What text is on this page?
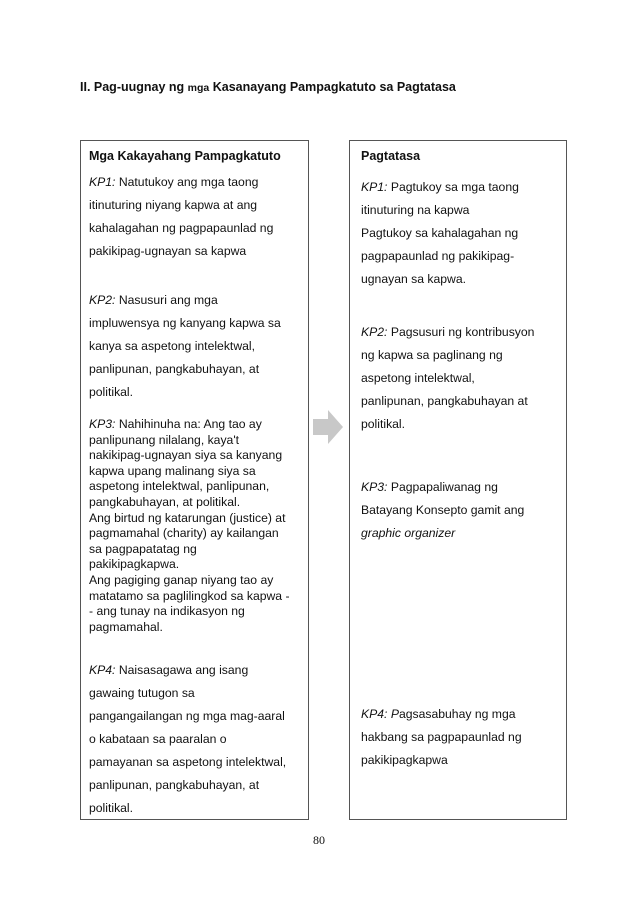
II. Pag-uugnay ng mga Kasanayang Pampagkatuto sa Pagtatasa
Mga Kakayahang Pampagkatuto
KP1: Natutukoy ang mga taong
itinuturing niyang kapwa at ang
kahalagahan ng pagpapaunlad ng
pakikipag-ugnayan sa kapwa
KP2: Nasusuri ang mga
impluwensya ng kanyang kapwa sa
kanya sa aspetong intelektwal,
panlipunan, pangkabuhayan, at
politikal.
KP3: Nahihinuha na: Ang tao ay
panlipunang nilalang, kaya't
nakikipag-ugnayan siya sa kanyang
kapwa upang malinang siya sa
aspetong intelektwal, panlipunan,
pangkabuhayan, at politikal.
Ang birtud ng katarungan (justice) at
pagmamahal (charity) ay kailangan
sa pagpapatatag ng
pakikipagkapwa.
Ang pagiging ganap niyang tao ay
matatamo sa paglilingkod sa kapwa -
- ang tunay na indikasyon ng
pagmamahal.
KP4: Naisasagawa ang isang
gawaing tutugon sa
pangangailangan ng mga mag-aaral
o kabataan sa paaralan o
pamayanan sa aspetong intelektwal,
panlipunan, pangkabuhayan, at
politikal.
Pagtatasa
KP1: Pagtukoy sa mga taong
itinuturing na kapwa
Pagtukoy sa kahalagahan ng
pagpapaunlad ng pakikipag-
ugnayan sa kapwa.
KP2: Pagsusuri ng kontribusyon
ng kapwa sa paglinang ng
aspetong intelektwal,
panlipunan, pangkabuhayan at
politikal.
KP3: Pagpapaliwanag ng
Batayang Konsepto gamit ang
graphic organizer
KP4: Pagsasabuhay ng mga
hakbang sa pagpapaunlad ng
pakikipagkapwa
80
